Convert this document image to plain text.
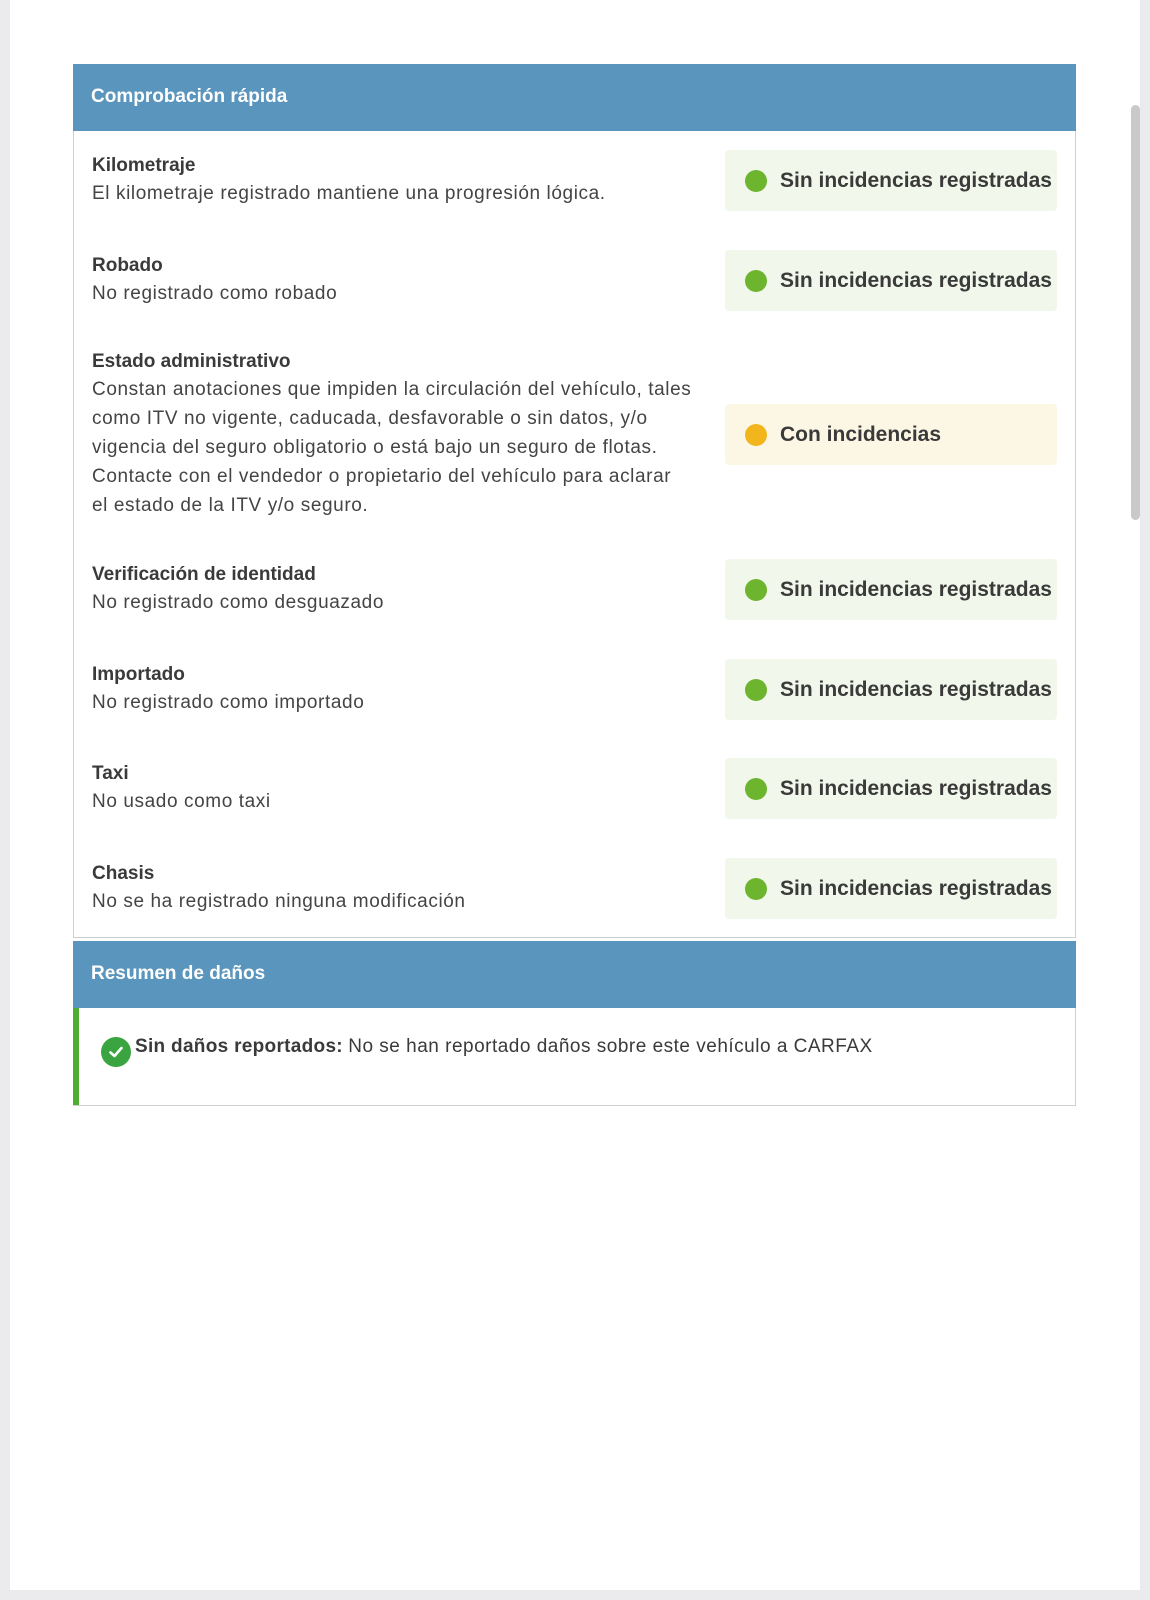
Comprobación rápida
Kilometraje
El kilometraje registrado mantiene una progresión lógica.
Sin incidencias registradas
Robado
No registrado como robado
Sin incidencias registradas
Estado administrativo
Constan anotaciones que impiden la circulación del vehículo, tales como ITV no vigente, caducada, desfavorable o sin datos, y/o vigencia del seguro obligatorio o está bajo un seguro de flotas. Contacte con el vendedor o propietario del vehículo para aclarar el estado de la ITV y/o seguro.
Con incidencias
Verificación de identidad
No registrado como desguazado
Sin incidencias registradas
Importado
No registrado como importado
Sin incidencias registradas
Taxi
No usado como taxi
Sin incidencias registradas
Chasis
No se ha registrado ninguna modificación
Sin incidencias registradas
Resumen de daños
Sin daños reportados: No se han reportado daños sobre este vehículo a CARFAX
